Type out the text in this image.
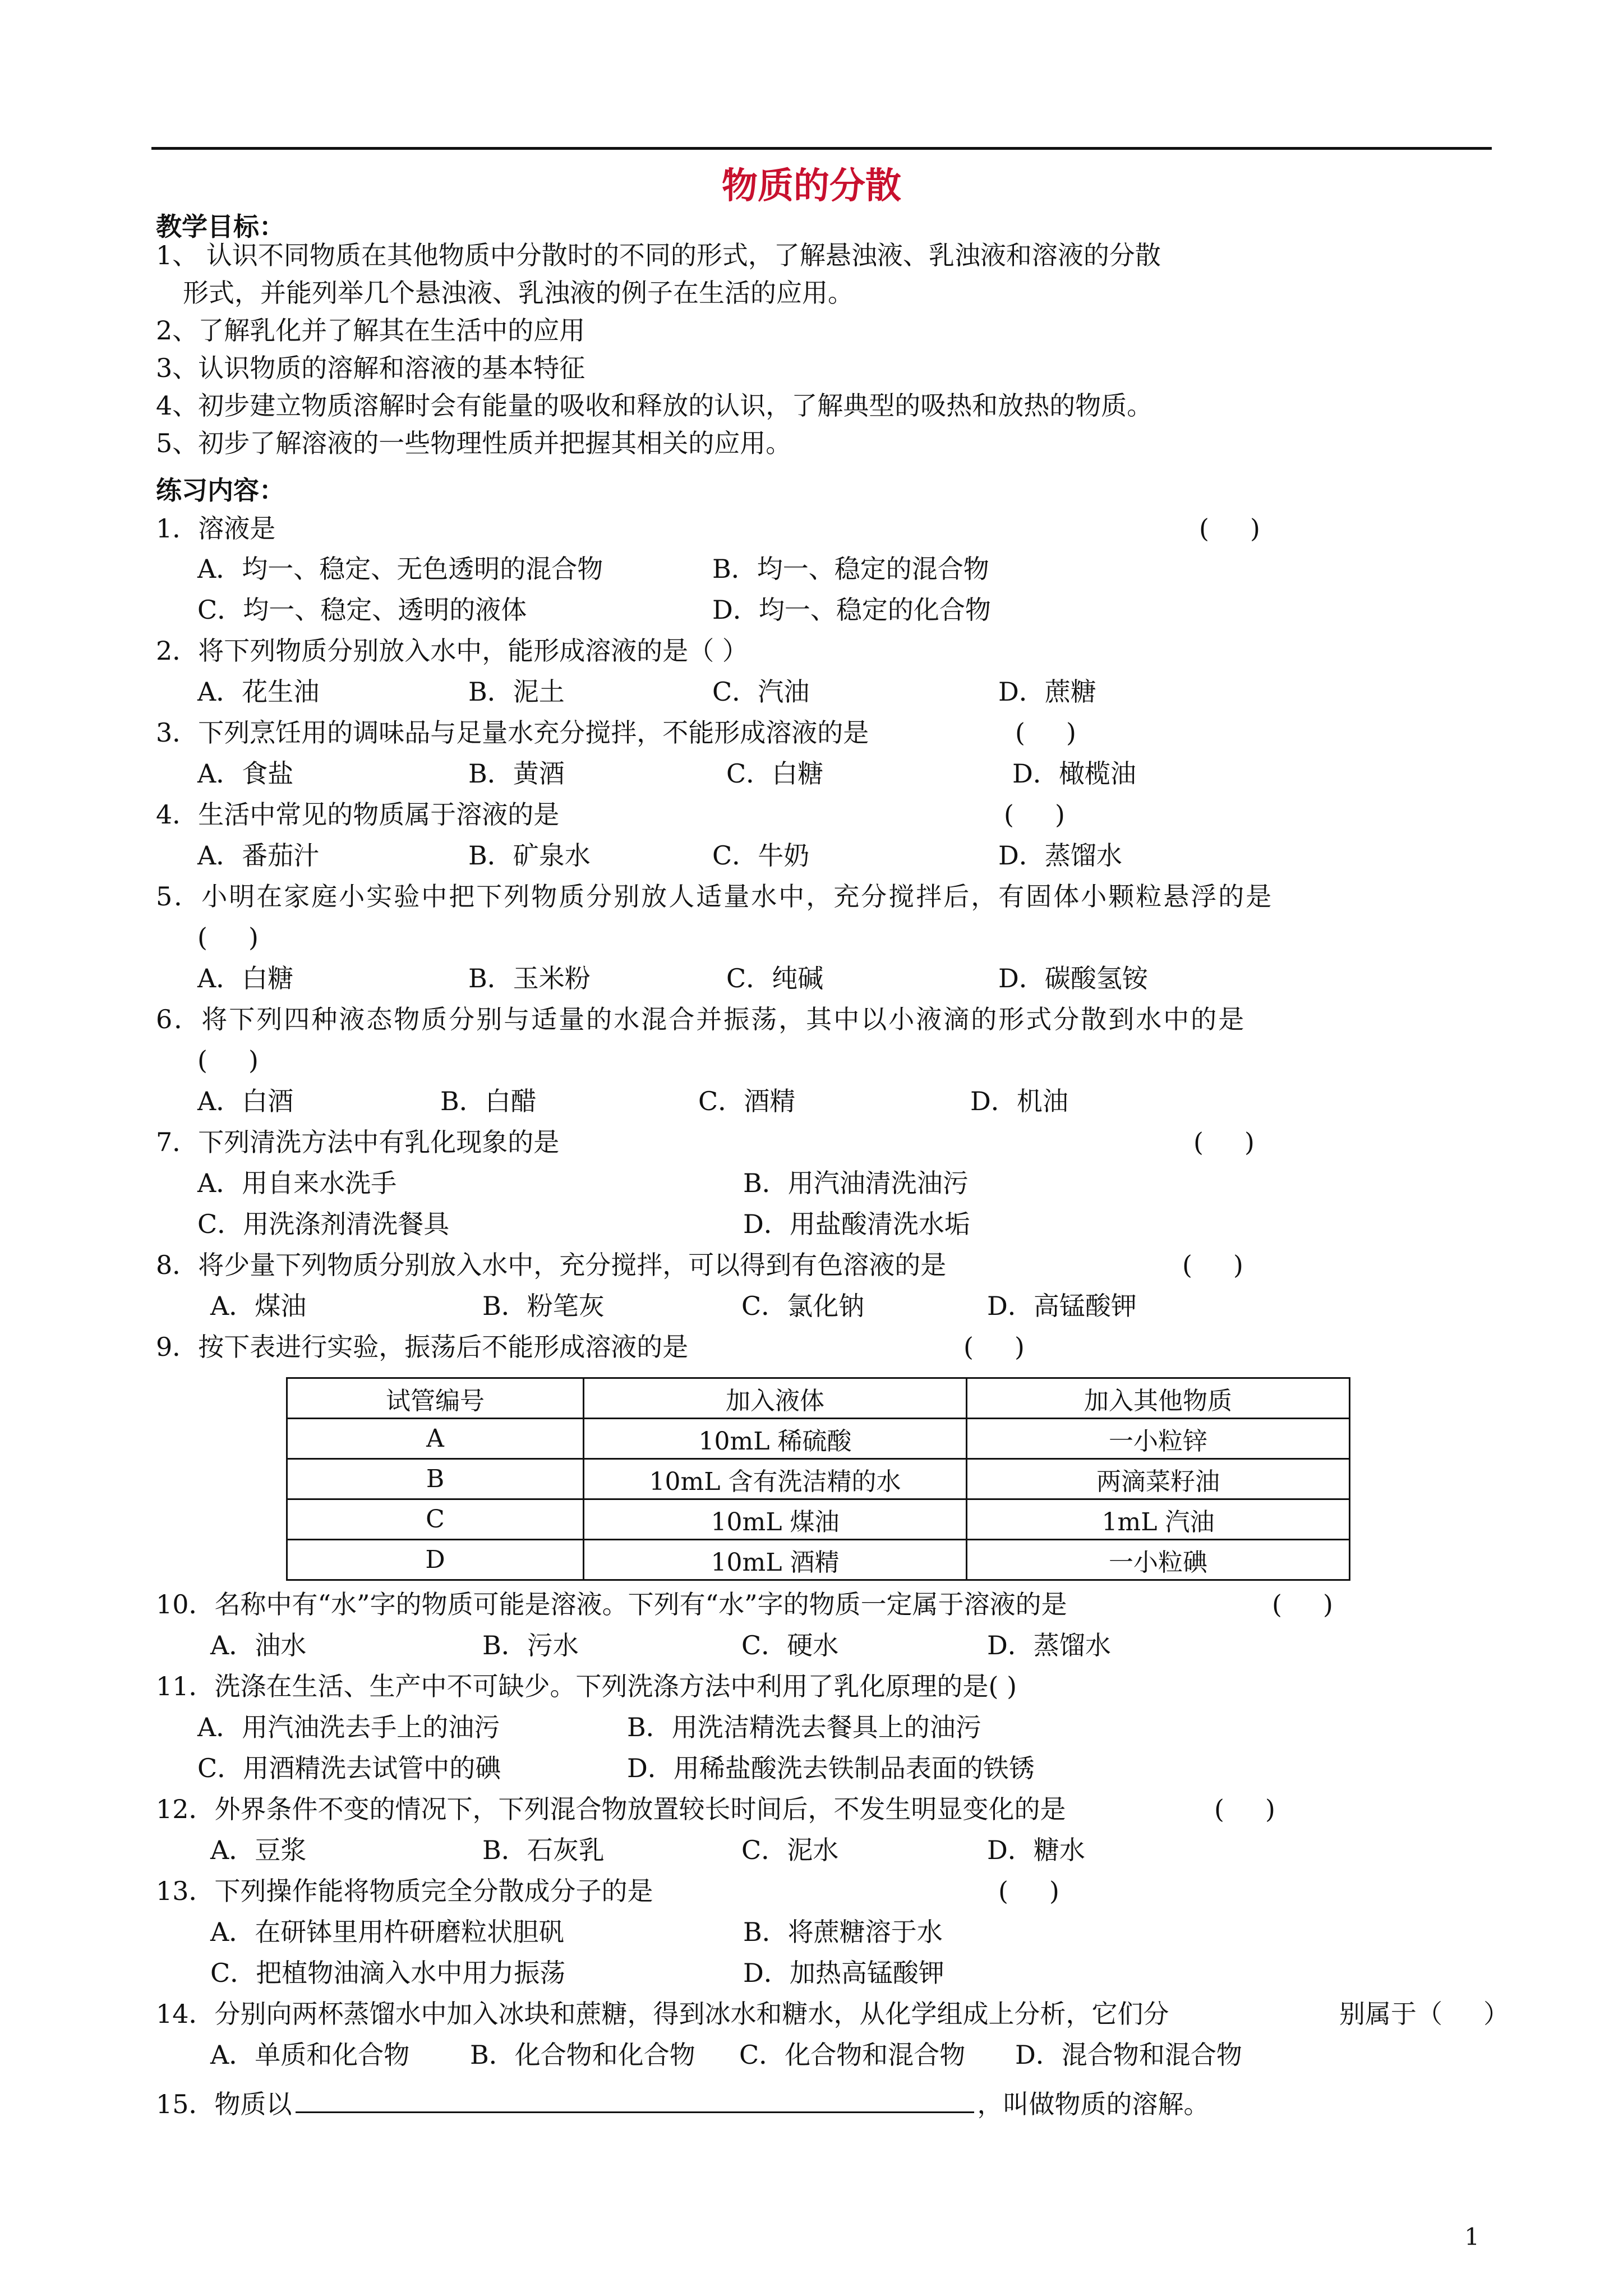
物质的分散
教学目标：
1、 认识不同物质在其他物质中分散时的不同的形式，了解悬浊液、乳浊液和溶液的分散
形式，并能列举几个悬浊液、乳浊液的例子在生活的应用。
2、了解乳化并了解其在生活中的应用
3、认识物质的溶解和溶液的基本特征
4、初步建立物质溶解时会有能量的吸收和释放的认识，了解典型的吸热和放热的物质。
5、初步了解溶液的一些物理性质并把握其相关的应用。
练习内容：
1．溶液是	(     )
A．均一、稳定、无色透明的混合物	B．均一、稳定的混合物
C．均一、稳定、透明的液体	D．均一、稳定的化合物
2．将下列物质分别放入水中，能形成溶液的是（ ）
A．花生油	B．泥土	C．汽油	D．蔗糖
3．下列烹饪用的调味品与足量水充分搅拌，不能形成溶液的是	(     )
A．食盐	B．黄酒	C．白糖	D．橄榄油
4．生活中常见的物质属于溶液的是	(     )
A．番茄汁	B．矿泉水	C．牛奶	D．蒸馏水
5．小明在家庭小实验中把下列物质分别放人适量水中，充分搅拌后，有固体小颗粒悬浮的是
(     )
A．白糖	B．玉米粉	C．纯碱	D．碳酸氢铵
6．将下列四种液态物质分别与适量的水混合并振荡，其中以小液滴的形式分散到水中的是
(     )
A．白酒	B．白醋	C．酒精	D．机油
7．下列清洗方法中有乳化现象的是	(     )
A．用自来水洗手	B．用汽油清洗油污
C．用洗涤剂清洗餐具	D．用盐酸清洗水垢
8．将少量下列物质分别放入水中，充分搅拌，可以得到有色溶液的是	(     )
A．煤油	B．粉笔灰	C．氯化钠	D．高锰酸钾
9．按下表进行实验，振荡后不能形成溶液的是	(     )
试管编号	加入液体	加入其他物质
A	10mL 稀硫酸	一小粒锌
B	10mL 含有洗洁精的水	两滴菜籽油
C	10mL 煤油	1mL 汽油
D	10mL 酒精	一小粒碘
10．名称中有“水”字的物质可能是溶液。下列有“水”字的物质一定属于溶液的是	(     )
A．油水	B．污水	C．硬水	D．蒸馏水
11．洗涤在生活、生产中不可缺少。下列洗涤方法中利用了乳化原理的是( )
A．用汽油洗去手上的油污	B．用洗洁精洗去餐具上的油污
C．用酒精洗去试管中的碘	D．用稀盐酸洗去铁制品表面的铁锈
12．外界条件不变的情况下，下列混合物放置较长时间后，不发生明显变化的是	(     )
A．豆浆	B．石灰乳	C．泥水	D．糖水
13．下列操作能将物质完全分散成分子的是	(     )
A．在研钵里用杵研磨粒状胆矾	B．将蔗糖溶于水
C．把植物油滴入水中用力振荡	D．加热高锰酸钾
14．分别向两杯蒸馏水中加入冰块和蔗糖，得到冰水和糖水，从化学组成上分析，它们分	别属于（     ）
A．单质和化合物 B．化合物和化合物 C．化合物和混合物 D．混合物和混合物
15．物质以	，叫做物质的溶解。
1
